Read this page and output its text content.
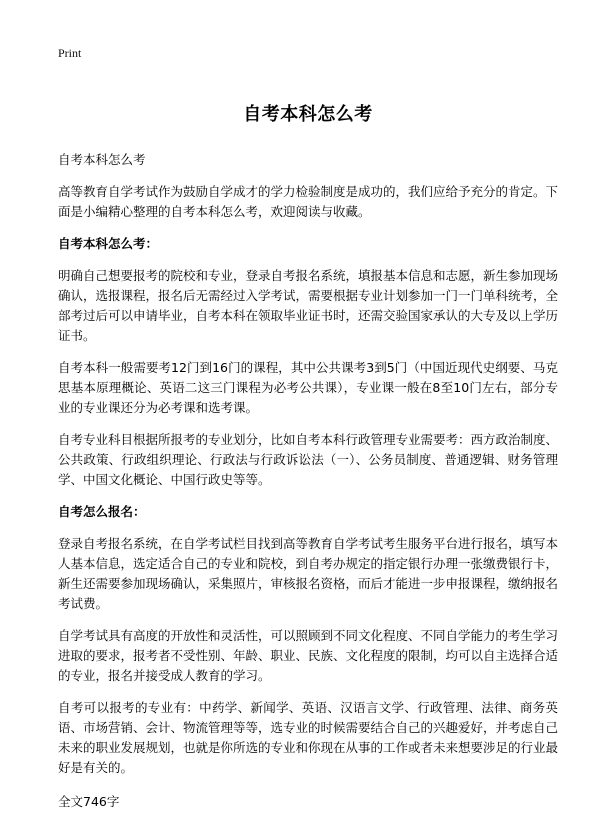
Print
自考本科怎么考

自考本科怎么考

高等教育自学考试作为鼓励自学成才的学力检验制度是成功的，我们应给予充分的肯定。下面是小编精心整理的自考本科怎么考，欢迎阅读与收藏。

自考本科怎么考：

明确自己想要报考的院校和专业，登录自考报名系统，填报基本信息和志愿，新生参加现场确认，选报课程，报名后无需经过入学考试，需要根据专业计划参加一门一门单科统考，全部考过后可以申请毕业，自考本科在领取毕业证书时，还需交验国家承认的大专及以上学历证书。

自考本科一般需要考12门到16门的课程，其中公共课考3到5门（中国近现代史纲要、马克思基本原理概论、英语二这三门课程为必考公共课），专业课一般在8至10门左右，部分专业的专业课还分为必考课和选考课。

自考专业科目根据所报考的专业划分，比如自考本科行政管理专业需要考：西方政治制度、公共政策、行政组织理论、行政法与行政诉讼法（一）、公务员制度、普通逻辑、财务管理学、中国文化概论、中国行政史等等。

自考怎么报名：

登录自考报名系统，在自学考试栏目找到高等教育自学考试考生服务平台进行报名，填写本人基本信息，选定适合自己的专业和院校，到自考办规定的指定银行办理一张缴费银行卡，新生还需要参加现场确认，采集照片，审核报名资格，而后才能进一步申报课程，缴纳报名考试费。

自学考试具有高度的开放性和灵活性，可以照顾到不同文化程度、不同自学能力的考生学习进取的要求，报考者不受性别、年龄、职业、民族、文化程度的限制，均可以自主选择合适的专业，报名并接受成人教育的学习。

自考可以报考的专业有：中药学、新闻学、英语、汉语言文学、行政管理、法律、商务英语、市场营销、会计、物流管理等等，选专业的时候需要结合自己的兴趣爱好，并考虑自己未来的职业发展规划，也就是你所选的专业和你现在从事的工作或者未来想要涉足的行业最好是有关的。

全文746字
